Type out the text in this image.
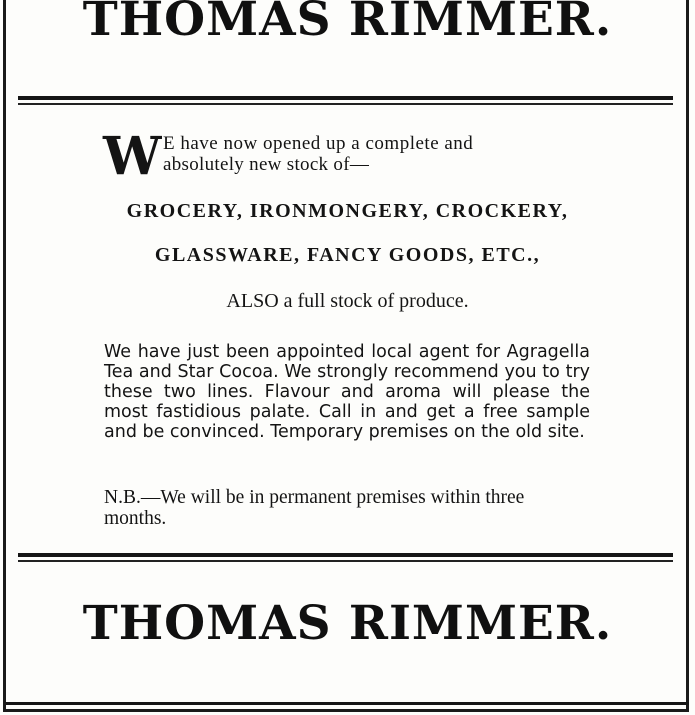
THOMAS RIMMER.
W E have now opened up a complete and
absolutely new stock of—
GROCERY, IRONMONGERY, CROCKERY,
GLASSWARE, FANCY GOODS, ETC.,
ALSO a full stock of produce.
We have just been appointed local agent for Agragella Tea and Star Cocoa. We strongly recommend you to try these two lines. Flavour and aroma will please the most fastidious palate. Call in and get a free sample and be convinced. Temporary premises on the old site.
N.B.—We will be in permanent premises within three months.
THOMAS RIMMER.
